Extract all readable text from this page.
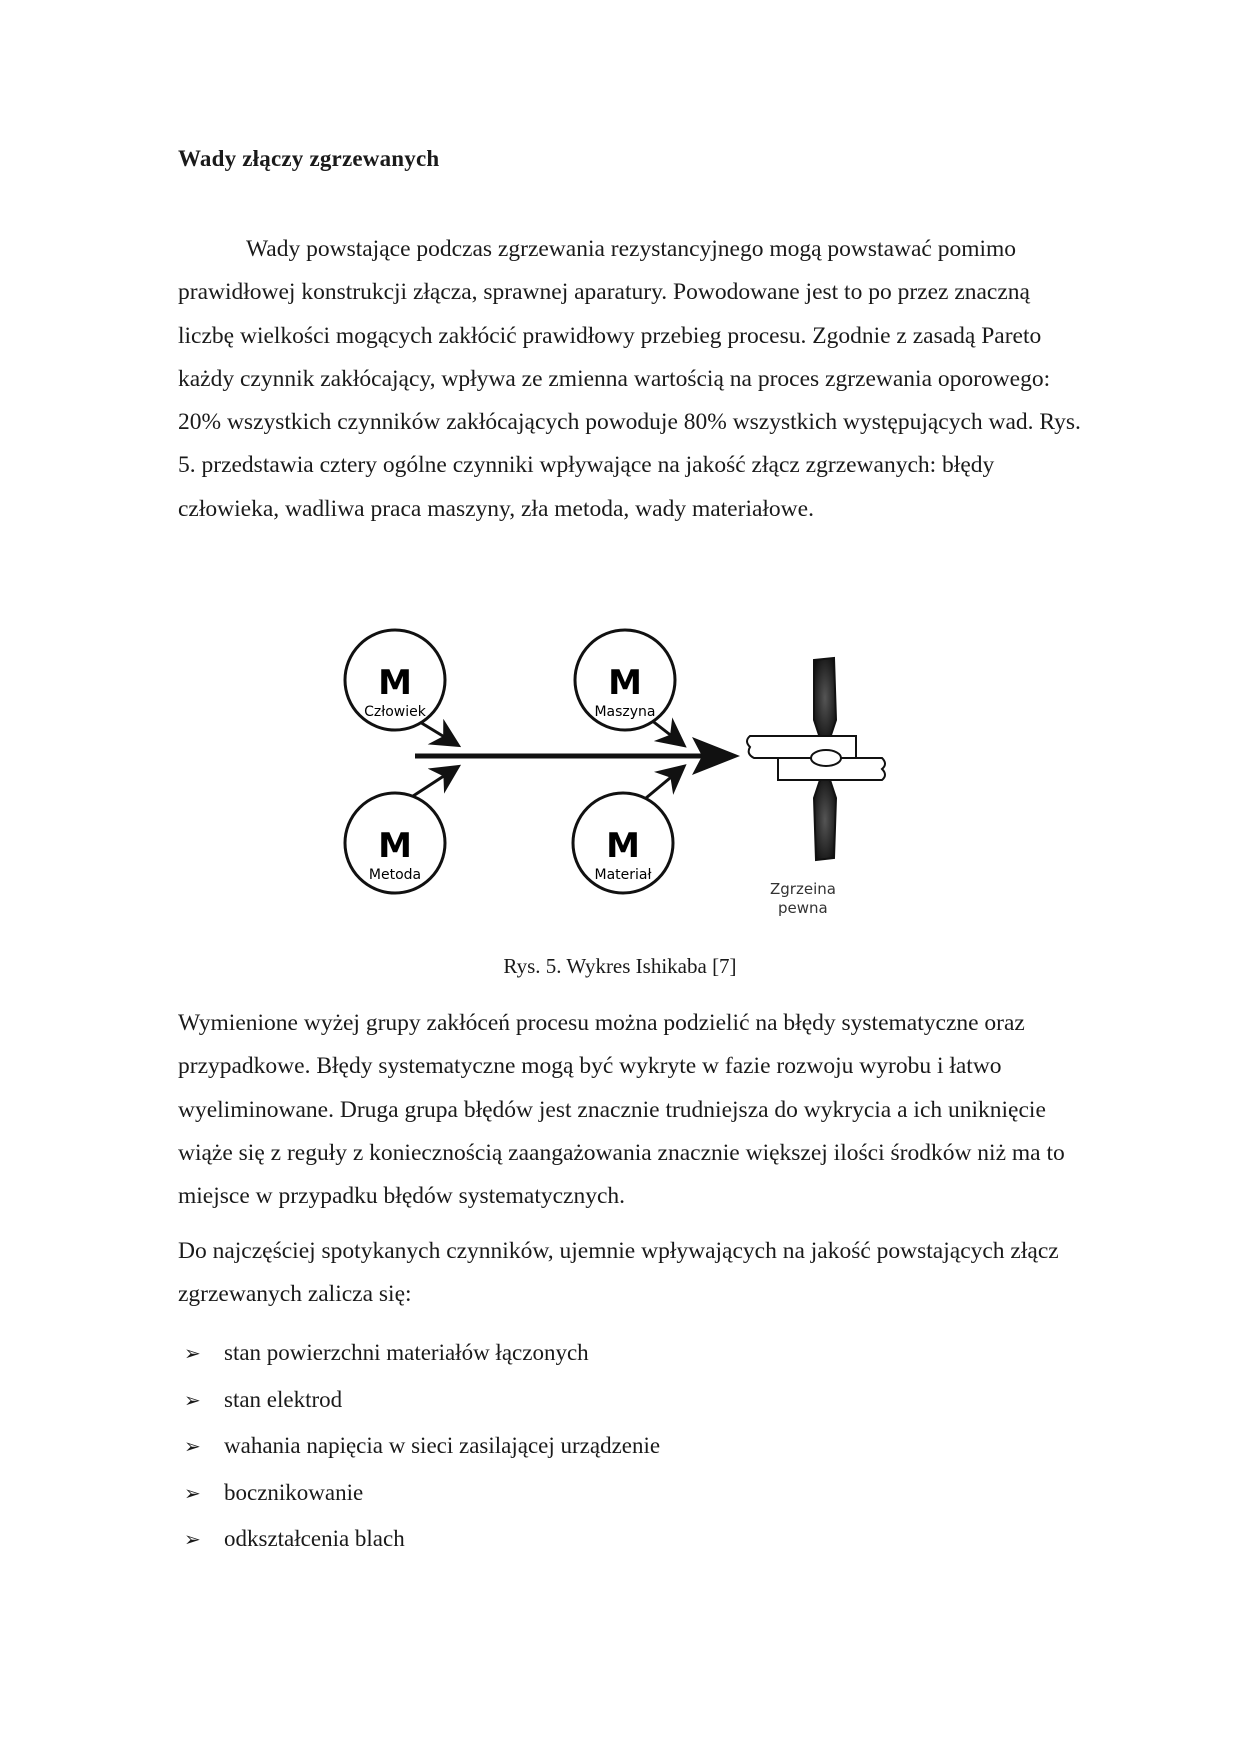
Wady złączy zgrzewanych

Wady powstające podczas zgrzewania rezystancyjnego mogą powstawać pomimo prawidłowej konstrukcji złącza, sprawnej aparatury. Powodowane jest to po przez znaczną liczbę wielkości mogących zakłócić prawidłowy przebieg procesu. Zgodnie z zasadą Pareto każdy czynnik zakłócający, wpływa ze zmienna wartością na proces zgrzewania oporowego: 20% wszystkich czynników zakłócających powoduje 80% wszystkich występujących wad. Rys. 5. przedstawia cztery ogólne czynniki wpływające na jakość złącz zgrzewanych: błędy człowieka, wadliwa praca maszyny, zła metoda, wady materiałowe.

M
Człowiek
M
Maszyna
M
Metoda
M
Materiał
Zgrzeina
pewna
Rys. 5. Wykres Ishikaba [7]

Wymienione wyżej grupy zakłóceń procesu można podzielić na błędy systematyczne oraz przypadkowe. Błędy systematyczne mogą być wykryte w fazie rozwoju wyrobu i łatwo wyeliminowane. Druga grupa błędów jest znacznie trudniejsza do wykrycia a ich uniknięcie wiąże się z reguły z koniecznością zaangażowania znacznie większej ilości środków niż ma to miejsce w przypadku błędów systematycznych.

Do najczęściej spotykanych czynników, ujemnie wpływających na jakość powstających złącz zgrzewanych zalicza się:

➢	stan powierzchni materiałów łączonych
➢	stan elektrod
➢	wahania napięcia w sieci zasilającej urządzenie
➢	bocznikowanie
➢	odkształcenia blach
